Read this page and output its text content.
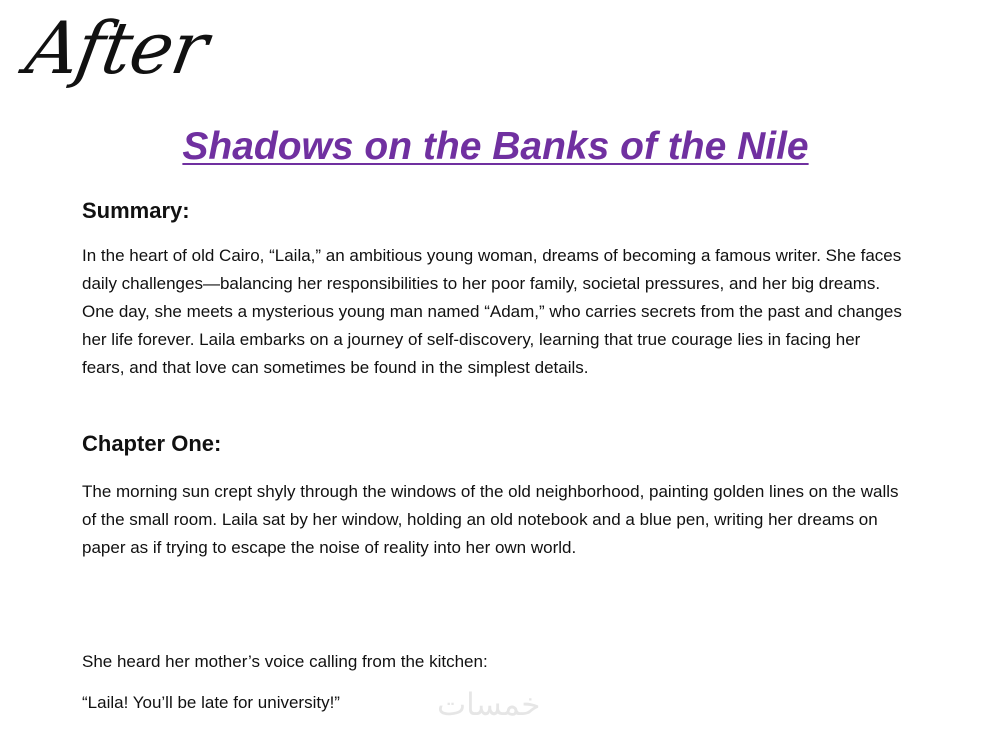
After
Shadows on the Banks of the Nile
Summary:
In the heart of old Cairo, “Laila,” an ambitious young woman, dreams of becoming a famous writer. She faces daily challenges—balancing her responsibilities to her poor family, societal pressures, and her big dreams. One day, she meets a mysterious young man named “Adam,” who carries secrets from the past and changes her life forever. Laila embarks on a journey of self-discovery, learning that true courage lies in facing her fears, and that love can sometimes be found in the simplest details.
Chapter One:
The morning sun crept shyly through the windows of the old neighborhood, painting golden lines on the walls of the small room. Laila sat by her window, holding an old notebook and a blue pen, writing her dreams on paper as if trying to escape the noise of reality into her own world.
She heard her mother’s voice calling from the kitchen:
“Laila! You’ll be late for university!”	خمسات
